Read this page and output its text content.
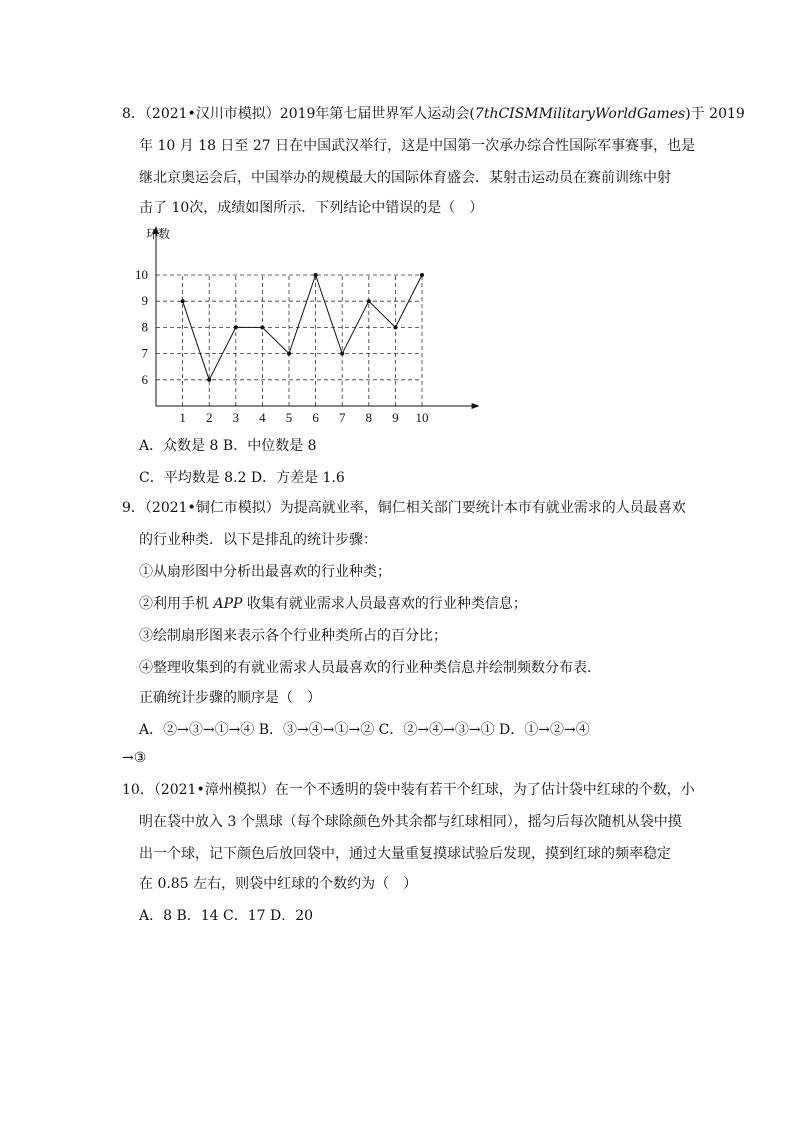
8．（2021•汉川市模拟）2019年第七届世界军人运动会(7thCISMMilitaryWorldGames)于 2019
年 10 月 18 日至 27 日在中国武汉举行，这是中国第一次承办综合性国际军事赛事，也是
继北京奥运会后，中国举办的规模最大的国际体育盛会．某射击运动员在赛前训练中射
击了 10次，成绩如图所示．下列结论中错误的是（　）
环数
6
7
8
9
10
1 2 3 4 5 6 7 8 9 10
A．众数是 8 B．中位数是 8
C．平均数是 8.2 D．方差是 1.6
9．（2021•铜仁市模拟）为提高就业率，铜仁相关部门要统计本市有就业需求的人员最喜欢
的行业种类．以下是排乱的统计步骤：
①从扇形图中分析出最喜欢的行业种类；
②利用手机 APP 收集有就业需求人员最喜欢的行业种类信息；
③绘制扇形图来表示各个行业种类所占的百分比；
④整理收集到的有就业需求人员最喜欢的行业种类信息并绘制频数分布表．
正确统计步骤的顺序是（　）
A．②→③→①→④ B．③→④→①→② C．②→④→③→① D．①→②→④
→③
10．（2021•漳州模拟）在一个不透明的袋中装有若干个红球，为了估计袋中红球的个数，小
明在袋中放入 3 个黑球（每个球除颜色外其余都与红球相同），摇匀后每次随机从袋中摸
出一个球，记下颜色后放回袋中，通过大量重复摸球试验后发现，摸到红球的频率稳定
在 0.85 左右，则袋中红球的个数约为（　）
A．8 B．14 C．17 D．20
